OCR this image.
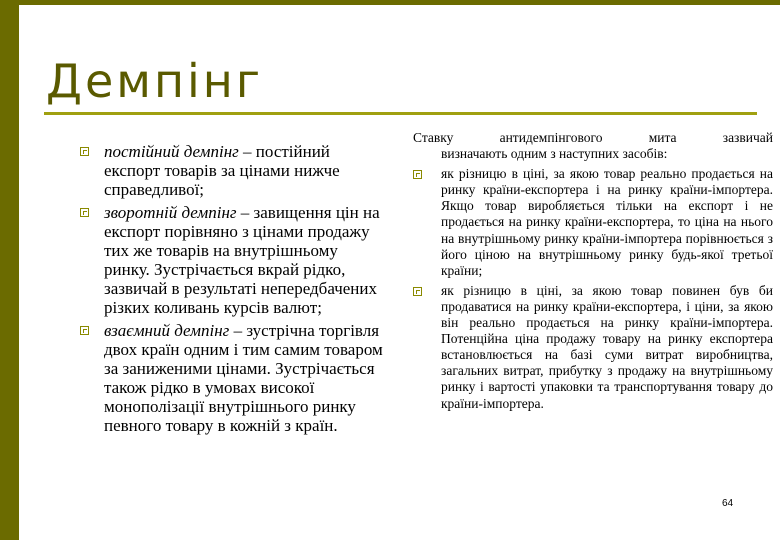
Демпінг
постійний демпінг – постійний експорт товарів за цінами нижче справедливої;
зворотній демпінг – завищення цін на експорт порівняно з цінами продажу тих же товарів на внутрішньому ринку. Зустрічається вкрай рідко, зазвичай в результаті непередбачених різких коливань курсів валют;
взаємний демпінг – зустрічна торгівля двох країн одним і тим самим товаром за заниженими цінами. Зустрічається також рідко в умовах високої монополізації внутрішнього ринку певного товару в кожній з країн.
Ставку антидемпінгового мита зазвичай
визначають одним з наступних засобів:
як різницю в ціні, за якою товар реально продається на ринку країни-експортера і на ринку країни-імпортера. Якщо товар виробляється тільки на експорт і не продається на ринку країни-експортера, то ціна на нього на внутрішньому ринку країни-імпортера порівнюється з його ціною на внутрішньому ринку будь-якої третьої країни;
як різницю в ціні, за якою товар повинен був би продаватися на ринку країни-експортера, і ціни, за якою він реально продається на ринку країни-імпортера. Потенційна ціна продажу товару на ринку експортера встановлюється на базі суми витрат виробництва, загальних витрат, прибутку з продажу на внутрішньому ринку і вартості упаковки та транспортування товару до країни-імпортера.
64
